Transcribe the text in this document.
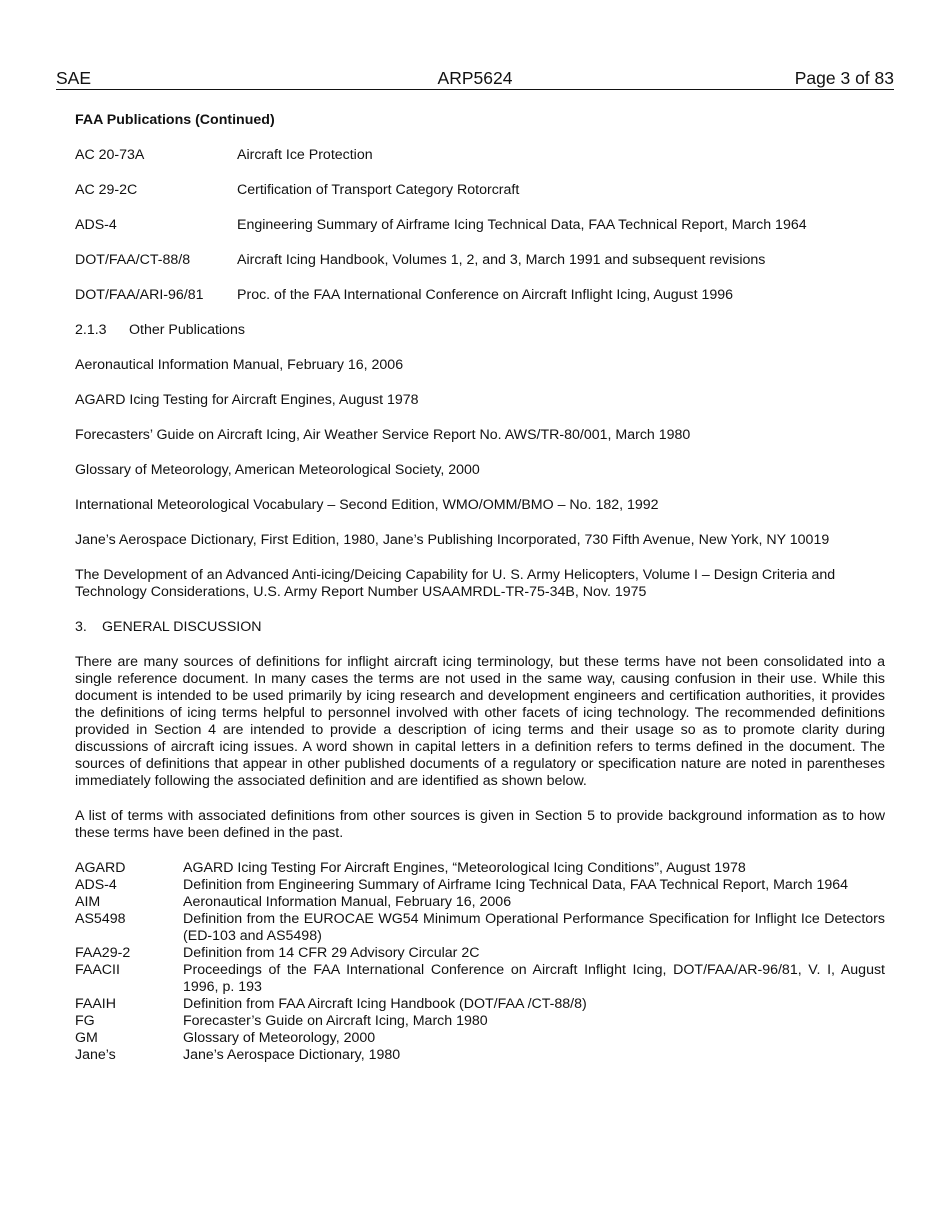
SAE	ARP5624	Page 3 of 83
FAA Publications (Continued)
AC 20-73A	Aircraft Ice Protection
AC 29-2C	Certification of Transport Category Rotorcraft
ADS-4	Engineering Summary of Airframe Icing Technical Data, FAA Technical Report, March 1964
DOT/FAA/CT-88/8	Aircraft Icing Handbook, Volumes 1, 2, and 3, March 1991 and subsequent revisions
DOT/FAA/ARI-96/81	Proc. of the FAA International Conference on Aircraft Inflight Icing, August 1996
2.1.3 Other Publications
Aeronautical Information Manual, February 16, 2006
AGARD Icing Testing for Aircraft Engines, August 1978
Forecasters’ Guide on Aircraft Icing, Air Weather Service Report No. AWS/TR-80/001, March 1980
Glossary of Meteorology, American Meteorological Society, 2000
International Meteorological Vocabulary – Second Edition, WMO/OMM/BMO – No. 182, 1992
Jane’s Aerospace Dictionary, First Edition, 1980, Jane’s Publishing Incorporated, 730 Fifth Avenue, New York, NY 10019
The Development of an Advanced Anti-icing/Deicing Capability for U. S. Army Helicopters, Volume I – Design Criteria and Technology Considerations, U.S. Army Report Number USAAMRDL-TR-75-34B, Nov. 1975
3. GENERAL DISCUSSION
There are many sources of definitions for inflight aircraft icing terminology, but these terms have not been consolidated into a single reference document. In many cases the terms are not used in the same way, causing confusion in their use. While this document is intended to be used primarily by icing research and development engineers and certification authorities, it provides the definitions of icing terms helpful to personnel involved with other facets of icing technology. The recommended definitions provided in Section 4 are intended to provide a description of icing terms and their usage so as to promote clarity during discussions of aircraft icing issues. A word shown in capital letters in a definition refers to terms defined in the document. The sources of definitions that appear in other published documents of a regulatory or specification nature are noted in parentheses immediately following the associated definition and are identified as shown below.
A list of terms with associated definitions from other sources is given in Section 5 to provide background information as to how these terms have been defined in the past.
AGARD	AGARD Icing Testing For Aircraft Engines, “Meteorological Icing Conditions”, August 1978
ADS-4	Definition from Engineering Summary of Airframe Icing Technical Data, FAA Technical Report, March 1964
AIM	Aeronautical Information Manual, February 16, 2006
AS5498	Definition from the EUROCAE WG54 Minimum Operational Performance Specification for Inflight Ice Detectors (ED-103 and AS5498)
FAA29-2	Definition from 14 CFR 29 Advisory Circular 2C
FAACII	Proceedings of the FAA International Conference on Aircraft Inflight Icing, DOT/FAA/AR-96/81, V. I, August 1996, p. 193
FAAIH	Definition from FAA Aircraft Icing Handbook (DOT/FAA /CT-88/8)
FG	Forecaster’s Guide on Aircraft Icing, March 1980
GM	Glossary of Meteorology, 2000
Jane’s	Jane’s Aerospace Dictionary, 1980
